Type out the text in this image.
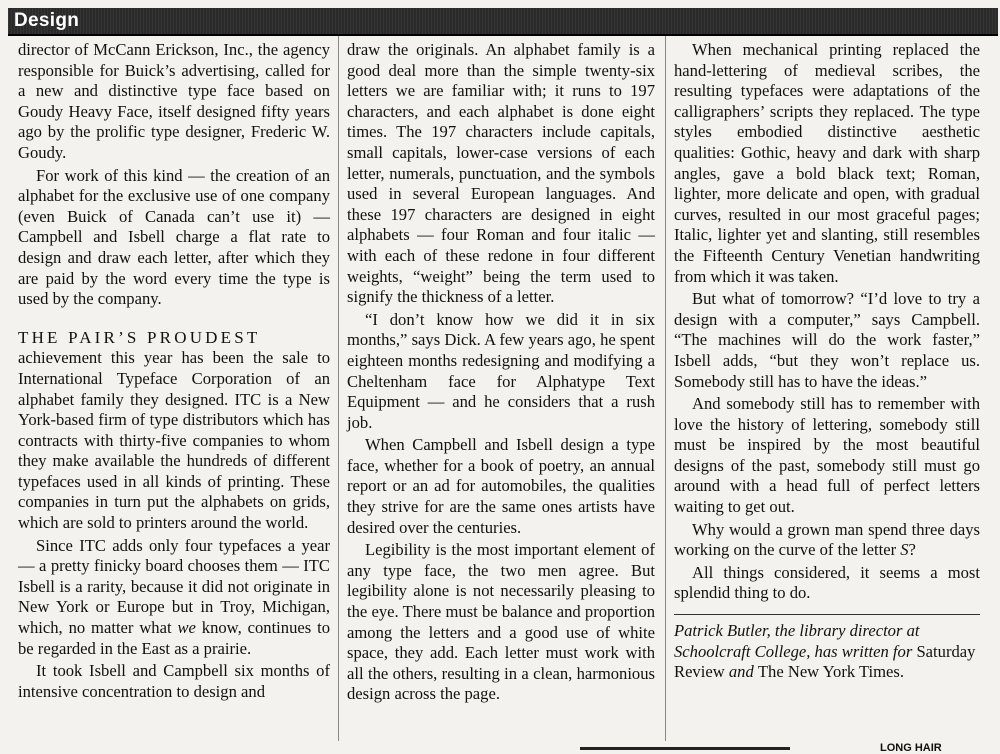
Design

director of McCann Erickson, Inc., the agency responsible for Buick’s advertising, called for a new and distinctive type face based on Goudy Heavy Face, itself designed fifty years ago by the prolific type designer, Frederic W. Goudy.

For work of this kind — the creation of an alphabet for the exclusive use of one company (even Buick of Canada can’t use it) — Campbell and Isbell charge a flat rate to design and draw each letter, after which they are paid by the word every time the type is used by the company.

THE PAIR’S PROUDEST

achievement this year has been the sale to International Typeface Corporation of an alphabet family they designed. ITC is a New York-based firm of type distributors which has contracts with thirty-five companies to whom they make available the hundreds of different typefaces used in all kinds of printing. These companies in turn put the alphabets on grids, which are sold to printers around the world.

Since ITC adds only four typefaces a year — a pretty finicky board chooses them — ITC Isbell is a rarity, because it did not originate in New York or Europe but in Troy, Michigan, which, no matter what we know, continues to be regarded in the East as a prairie.

It took Isbell and Campbell six months of intensive concentration to design and

draw the originals. An alphabet family is a good deal more than the simple twenty-six letters we are familiar with; it runs to 197 characters, and each alphabet is done eight times. The 197 characters include capitals, small capitals, lower-case versions of each letter, numerals, punctuation, and the symbols used in several European languages. And these 197 characters are designed in eight alphabets — four Roman and four italic — with each of these redone in four different weights, “weight” being the term used to signify the thickness of a letter.

“I don’t know how we did it in six months,” says Dick. A few years ago, he spent eighteen months redesigning and modifying a Cheltenham face for Alphatype Text Equipment — and he considers that a rush job.

When Campbell and Isbell design a type face, whether for a book of poetry, an annual report or an ad for automobiles, the qualities they strive for are the same ones artists have desired over the centuries.

Legibility is the most important element of any type face, the two men agree. But legibility alone is not necessarily pleasing to the eye. There must be balance and proportion among the letters and a good use of white space, they add. Each letter must work with all the others, resulting in a clean, harmonious design across the page.

When mechanical printing replaced the hand-lettering of medieval scribes, the resulting typefaces were adaptations of the calligraphers’ scripts they replaced. The type styles embodied distinctive aesthetic qualities: Gothic, heavy and dark with sharp angles, gave a bold black text; Roman, lighter, more delicate and open, with gradual curves, resulted in our most graceful pages; Italic, lighter yet and slanting, still resembles the Fifteenth Century Venetian handwriting from which it was taken.

But what of tomorrow? “I’d love to try a design with a computer,” says Campbell. “The machines will do the work faster,” Isbell adds, “but they won’t replace us. Somebody still has to have the ideas.”

And somebody still has to remember with love the history of lettering, somebody still must be inspired by the most beautiful designs of the past, somebody still must go around with a head full of perfect letters waiting to get out.

Why would a grown man spend three days working on the curve of the letter S?

All things considered, it seems a most splendid thing to do.

Patrick Butler, the library director at Schoolcraft College, has written for Saturday Review and The New York Times.

LONG HAIR
